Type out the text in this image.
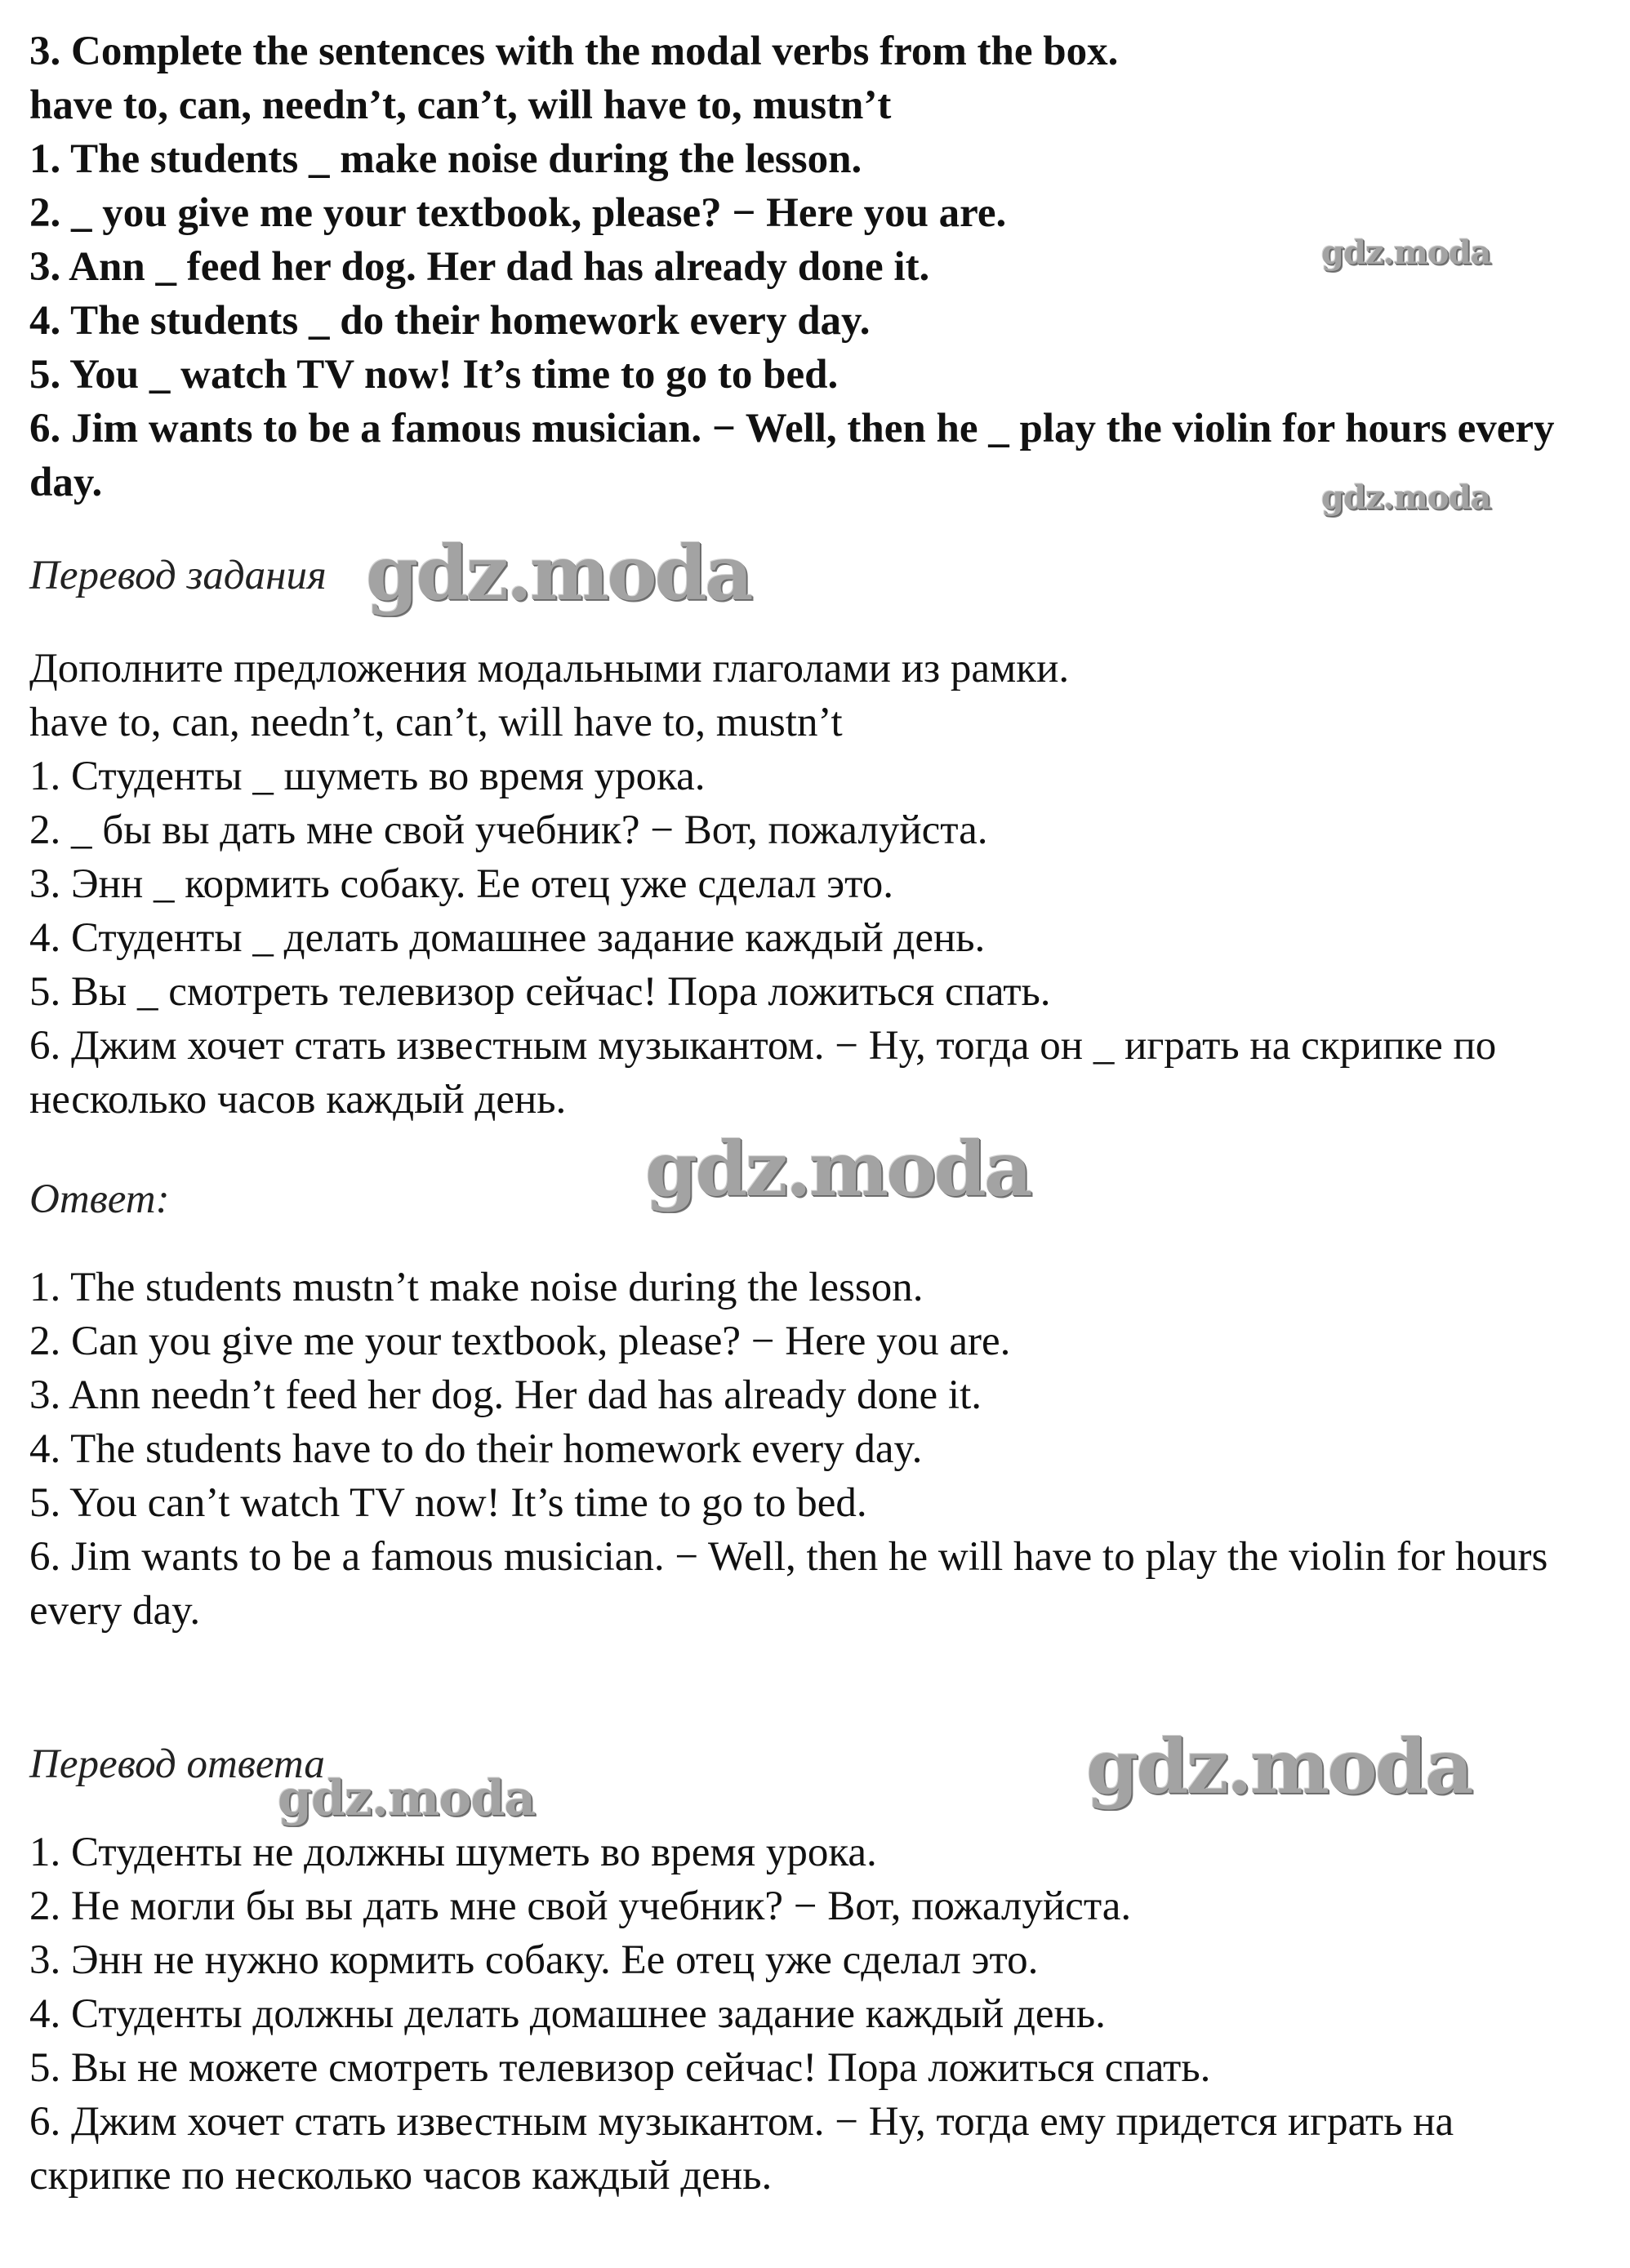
3. Complete the sentences with the modal verbs from the box.
have to, can, needn’t, can’t, will have to, mustn’t
1. The students _ make noise during the lesson.
2. _ you give me your textbook, please? − Here you are.
3. Ann _ feed her dog. Her dad has already done it.
4. The students _ do their homework every day.
5. You _ watch TV now! It’s time to go to bed.
6. Jim wants to be a famous musician. − Well, then he _ play the violin for hours every day.
Перевод задания
Дополните предложения модальными глаголами из рамки.
have to, can, needn’t, can’t, will have to, mustn’t
1. Студенты _ шуметь во время урока.
2. _ бы вы дать мне свой учебник? − Вот, пожалуйста.
3. Энн _ кормить собаку. Ее отец уже сделал это.
4. Студенты _ делать домашнее задание каждый день.
5. Вы _ смотреть телевизор сейчас! Пора ложиться спать.
6. Джим хочет стать известным музыкантом. − Ну, тогда он _ играть на скрипке по несколько часов каждый день.
Ответ:
1. The students mustn’t make noise during the lesson.
2. Can you give me your textbook, please? − Here you are.
3. Ann needn’t feed her dog. Her dad has already done it.
4. The students have to do their homework every day.
5. You can’t watch TV now! It’s time to go to bed.
6. Jim wants to be a famous musician. − Well, then he will have to play the violin for hours every day.
Перевод ответа
1. Студенты не должны шуметь во время урока.
2. Не могли бы вы дать мне свой учебник? − Вот, пожалуйста.
3. Энн не нужно кормить собаку. Ее отец уже сделал это.
4. Студенты должны делать домашнее задание каждый день.
5. Вы не можете смотреть телевизор сейчас! Пора ложиться спать.
6. Джим хочет стать известным музыкантом. − Ну, тогда ему придется играть на скрипке по несколько часов каждый день.
gdz.moda
gdz.moda
gdz.moda
gdz.moda
gdz.moda
gdz.moda
